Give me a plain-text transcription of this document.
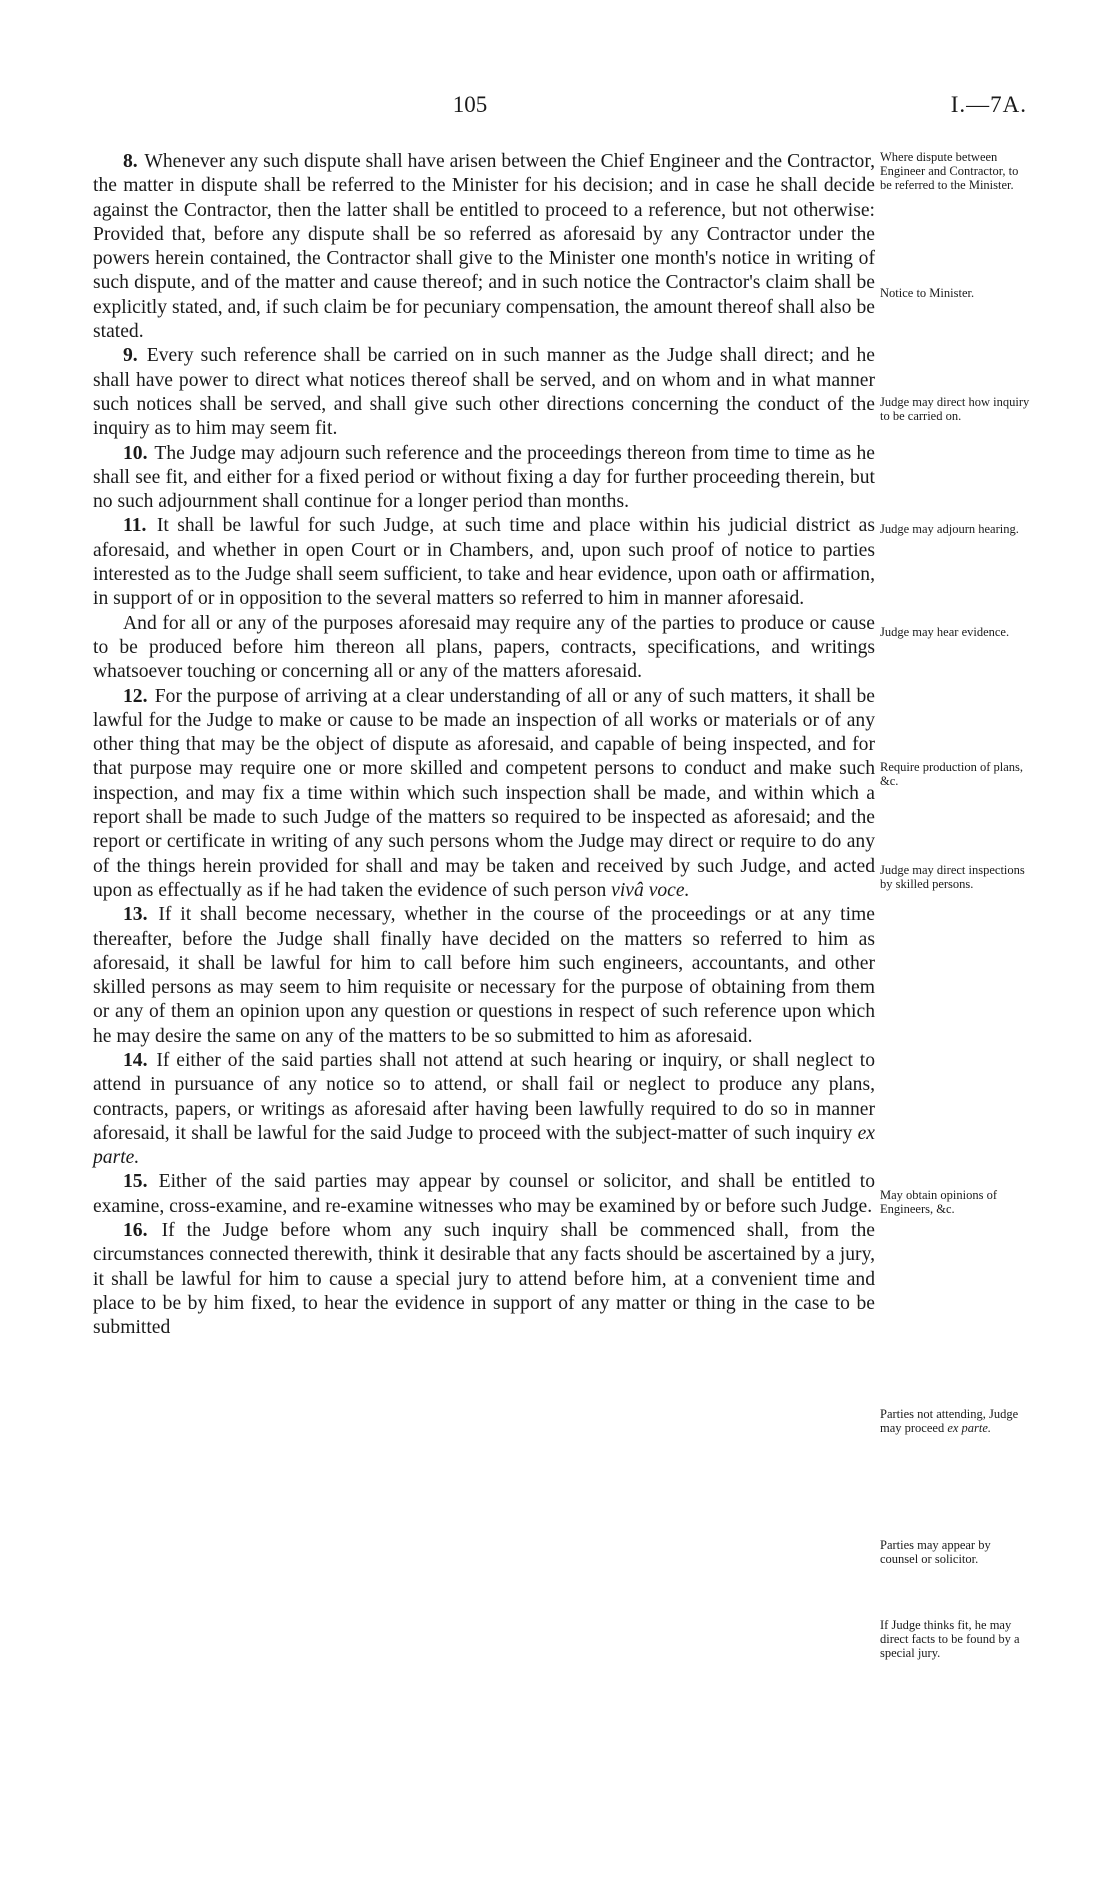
105	I.—7A.

8. Whenever any such dispute shall have arisen between the Chief Engineer and the Contractor, the matter in dispute shall be referred to the Minister for his decision; and in case he shall decide against the Contractor, then the latter shall be entitled to proceed to a reference, but not otherwise: Provided that, before any dispute shall be so referred as aforesaid by any Contractor under the powers herein contained, the Contractor shall give to the Minister one month's notice in writing of such dispute, and of the matter and cause thereof; and in such notice the Contractor's claim shall be explicitly stated, and, if such claim be for pecuniary compensation, the amount thereof shall also be stated.

9. Every such reference shall be carried on in such manner as the Judge shall direct; and he shall have power to direct what notices thereof shall be served, and on whom and in what manner such notices shall be served, and shall give such other directions concerning the conduct of the inquiry as to him may seem fit.

10. The Judge may adjourn such reference and the proceedings thereon from time to time as he shall see fit, and either for a fixed period or without fixing a day for further proceeding therein, but no such adjournment shall continue for a longer period than months.

11. It shall be lawful for such Judge, at such time and place within his judicial district as aforesaid, and whether in open Court or in Chambers, and, upon such proof of notice to parties interested as to the Judge shall seem sufficient, to take and hear evidence, upon oath or affirmation, in support of or in opposition to the several matters so referred to him in manner aforesaid.

And for all or any of the purposes aforesaid may require any of the parties to produce or cause to be produced before him thereon all plans, papers, contracts, specifications, and writings whatsoever touching or concerning all or any of the matters aforesaid.

12. For the purpose of arriving at a clear understanding of all or any of such matters, it shall be lawful for the Judge to make or cause to be made an inspection of all works or materials or of any other thing that may be the object of dispute as aforesaid, and capable of being inspected, and for that purpose may require one or more skilled and competent persons to conduct and make such inspection, and may fix a time within which such inspection shall be made, and within which a report shall be made to such Judge of the matters so required to be inspected as aforesaid; and the report or certificate in writing of any such persons whom the Judge may direct or require to do any of the things herein provided for shall and may be taken and received by such Judge, and acted upon as effectually as if he had taken the evidence of such person vivâ voce.

13. If it shall become necessary, whether in the course of the proceedings or at any time thereafter, before the Judge shall finally have decided on the matters so referred to him as aforesaid, it shall be lawful for him to call before him such engineers, accountants, and other skilled persons as may seem to him requisite or necessary for the purpose of obtaining from them or any of them an opinion upon any question or questions in respect of such reference upon which he may desire the same on any of the matters to be so submitted to him as aforesaid.

14. If either of the said parties shall not attend at such hearing or inquiry, or shall neglect to attend in pursuance of any notice so to attend, or shall fail or neglect to produce any plans, contracts, papers, or writings as aforesaid after having been lawfully required to do so in manner aforesaid, it shall be lawful for the said Judge to proceed with the subject-matter of such inquiry ex parte.

15. Either of the said parties may appear by counsel or solicitor, and shall be entitled to examine, cross-examine, and re-examine witnesses who may be examined by or before such Judge.

16. If the Judge before whom any such inquiry shall be commenced shall, from the circumstances connected therewith, think it desirable that any facts should be ascertained by a jury, it shall be lawful for him to cause a special jury to attend before him, at a convenient time and place to be by him fixed, to hear the evidence in support of any matter or thing in the case to be submitted

Where dispute between Engineer and Contractor, to be referred to the Minister.
Notice to Minister.
Judge may direct how inquiry to be carried on.
Judge may adjourn hearing.
Judge may hear evidence.
Require production of plans, &c.
Judge may direct inspections by skilled persons.
May obtain opinions of Engineers, &c.
Parties not attending, Judge may proceed ex parte.
Parties may appear by counsel or solicitor.
If Judge thinks fit, he may direct facts to be found by a special jury.
